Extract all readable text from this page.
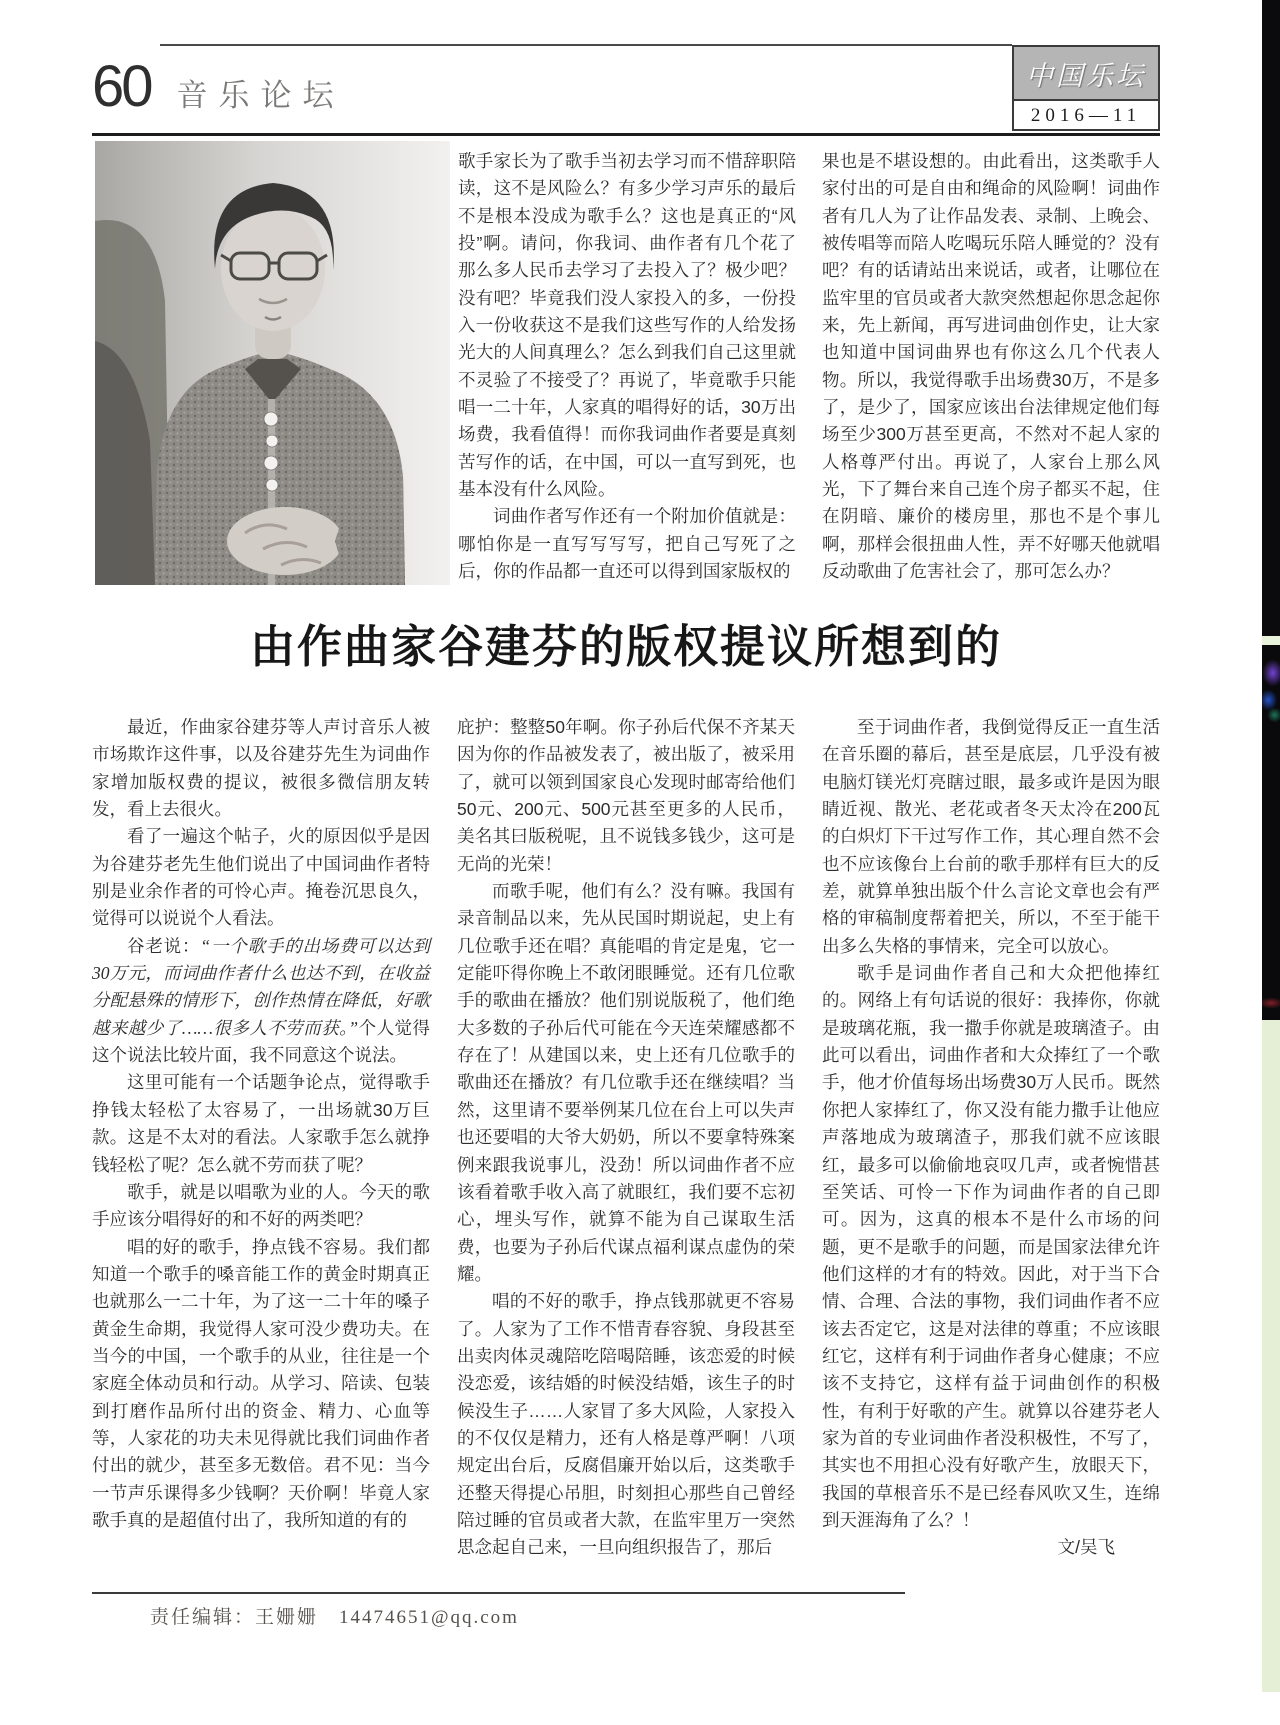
60 音乐论坛
中国乐坛
2016—11

歌手家长为了歌手当初去学习而不惜辞职陪读，这不是风险么？有多少学习声乐的最后不是根本没成为歌手么？这也是真正的“风投”啊。请问，你我词、曲作者有几个花了那么多人民币去学习了去投入了？极少吧？没有吧？毕竟我们没人家投入的多，一份投入一份收获这不是我们这些写作的人给发扬光大的人间真理么？怎么到我们自己这里就不灵验了不接受了？再说了，毕竟歌手只能唱一二十年，人家真的唱得好的话，30万出场费，我看值得！而你我词曲作者要是真刻苦写作的话，在中国，可以一直写到死，也基本没有什么风险。

词曲作者写作还有一个附加价值就是：哪怕你是一直写写写写，把自己写死了之后，你的作品都一直还可以得到国家版权的

果也是不堪设想的。由此看出，这类歌手人家付出的可是自由和绳命的风险啊！词曲作者有几人为了让作品发表、录制、上晚会、被传唱等而陪人吃喝玩乐陪人睡觉的？没有吧？有的话请站出来说话，或者，让哪位在监牢里的官员或者大款突然想起你思念起你来，先上新闻，再写进词曲创作史，让大家也知道中国词曲界也有你这么几个代表人物。所以，我觉得歌手出场费30万，不是多了，是少了，国家应该出台法律规定他们每场至少300万甚至更高，不然对不起人家的人格尊严付出。再说了，人家台上那么风光，下了舞台来自己连个房子都买不起，住在阴暗、廉价的楼房里，那也不是个事儿啊，那样会很扭曲人性，弄不好哪天他就唱反动歌曲了危害社会了，那可怎么办？

由作曲家谷建芬的版权提议所想到的

最近，作曲家谷建芬等人声讨音乐人被市场欺诈这件事，以及谷建芬先生为词曲作家增加版权费的提议，被很多微信朋友转发，看上去很火。

看了一遍这个帖子，火的原因似乎是因为谷建芬老先生他们说出了中国词曲作者特别是业余作者的可怜心声。掩卷沉思良久，觉得可以说说个人看法。

谷老说：“一个歌手的出场费可以达到30万元，而词曲作者什么也达不到，在收益分配悬殊的情形下，创作热情在降低，好歌越来越少了……很多人不劳而获。”个人觉得这个说法比较片面，我不同意这个说法。

这里可能有一个话题争论点，觉得歌手挣钱太轻松了太容易了，一出场就30万巨款。这是不太对的看法。人家歌手怎么就挣钱轻松了呢？怎么就不劳而获了呢？

歌手，就是以唱歌为业的人。今天的歌手应该分唱得好的和不好的两类吧？

唱的好的歌手，挣点钱不容易。我们都知道一个歌手的嗓音能工作的黄金时期真正也就那么一二十年，为了这一二十年的嗓子黄金生命期，我觉得人家可没少费功夫。在当今的中国，一个歌手的从业，往往是一个家庭全体动员和行动。从学习、陪读、包装到打磨作品所付出的资金、精力、心血等等，人家花的功夫未见得就比我们词曲作者付出的就少，甚至多无数倍。君不见：当今一节声乐课得多少钱啊？天价啊！毕竟人家歌手真的是超值付出了，我所知道的有的

庇护：整整50年啊。你子孙后代保不齐某天因为你的作品被发表了，被出版了，被采用了，就可以领到国家良心发现时邮寄给他们50元、200元、500元甚至更多的人民币，美名其曰版税呢，且不说钱多钱少，这可是无尚的光荣！

而歌手呢，他们有么？没有嘛。我国有录音制品以来，先从民国时期说起，史上有几位歌手还在唱？真能唱的肯定是鬼，它一定能吓得你晚上不敢闭眼睡觉。还有几位歌手的歌曲在播放？他们别说版税了，他们绝大多数的子孙后代可能在今天连荣耀感都不存在了！从建国以来，史上还有几位歌手的歌曲还在播放？有几位歌手还在继续唱？当然，这里请不要举例某几位在台上可以失声也还要唱的大爷大奶奶，所以不要拿特殊案例来跟我说事儿，没劲！所以词曲作者不应该看着歌手收入高了就眼红，我们要不忘初心，埋头写作，就算不能为自己谋取生活费，也要为子孙后代谋点福利谋点虚伪的荣耀。

唱的不好的歌手，挣点钱那就更不容易了。人家为了工作不惜青春容貌、身段甚至出卖肉体灵魂陪吃陪喝陪睡，该恋爱的时候没恋爱，该结婚的时候没结婚，该生子的时候没生子……人家冒了多大风险，人家投入的不仅仅是精力，还有人格是尊严啊！八项规定出台后，反腐倡廉开始以后，这类歌手还整天得提心吊胆，时刻担心那些自己曾经陪过睡的官员或者大款，在监牢里万一突然思念起自己来，一旦向组织报告了，那后

至于词曲作者，我倒觉得反正一直生活在音乐圈的幕后，甚至是底层，几乎没有被电脑灯镁光灯亮瞎过眼，最多或许是因为眼睛近视、散光、老花或者冬天太冷在200瓦的白炽灯下干过写作工作，其心理自然不会也不应该像台上台前的歌手那样有巨大的反差，就算单独出版个什么言论文章也会有严格的审稿制度帮着把关，所以，不至于能干出多么失格的事情来，完全可以放心。

歌手是词曲作者自己和大众把他捧红的。网络上有句话说的很好：我捧你，你就是玻璃花瓶，我一撒手你就是玻璃渣子。由此可以看出，词曲作者和大众捧红了一个歌手，他才价值每场出场费30万人民币。既然你把人家捧红了，你又没有能力撒手让他应声落地成为玻璃渣子，那我们就不应该眼红，最多可以偷偷地哀叹几声，或者惋惜甚至笑话、可怜一下作为词曲作者的自己即可。因为，这真的根本不是什么市场的问题，更不是歌手的问题，而是国家法律允许他们这样的才有的特效。因此，对于当下合情、合理、合法的事物，我们词曲作者不应该去否定它，这是对法律的尊重；不应该眼红它，这样有利于词曲作者身心健康；不应该不支持它，这样有益于词曲创作的积极性，有利于好歌的产生。就算以谷建芬老人家为首的专业词曲作者没积极性，不写了，其实也不用担心没有好歌产生，放眼天下，我国的草根音乐不是已经春风吹又生，连绵到天涯海角了么？！

文/吴飞

责任编辑：王姗姗　14474651@qq.com
